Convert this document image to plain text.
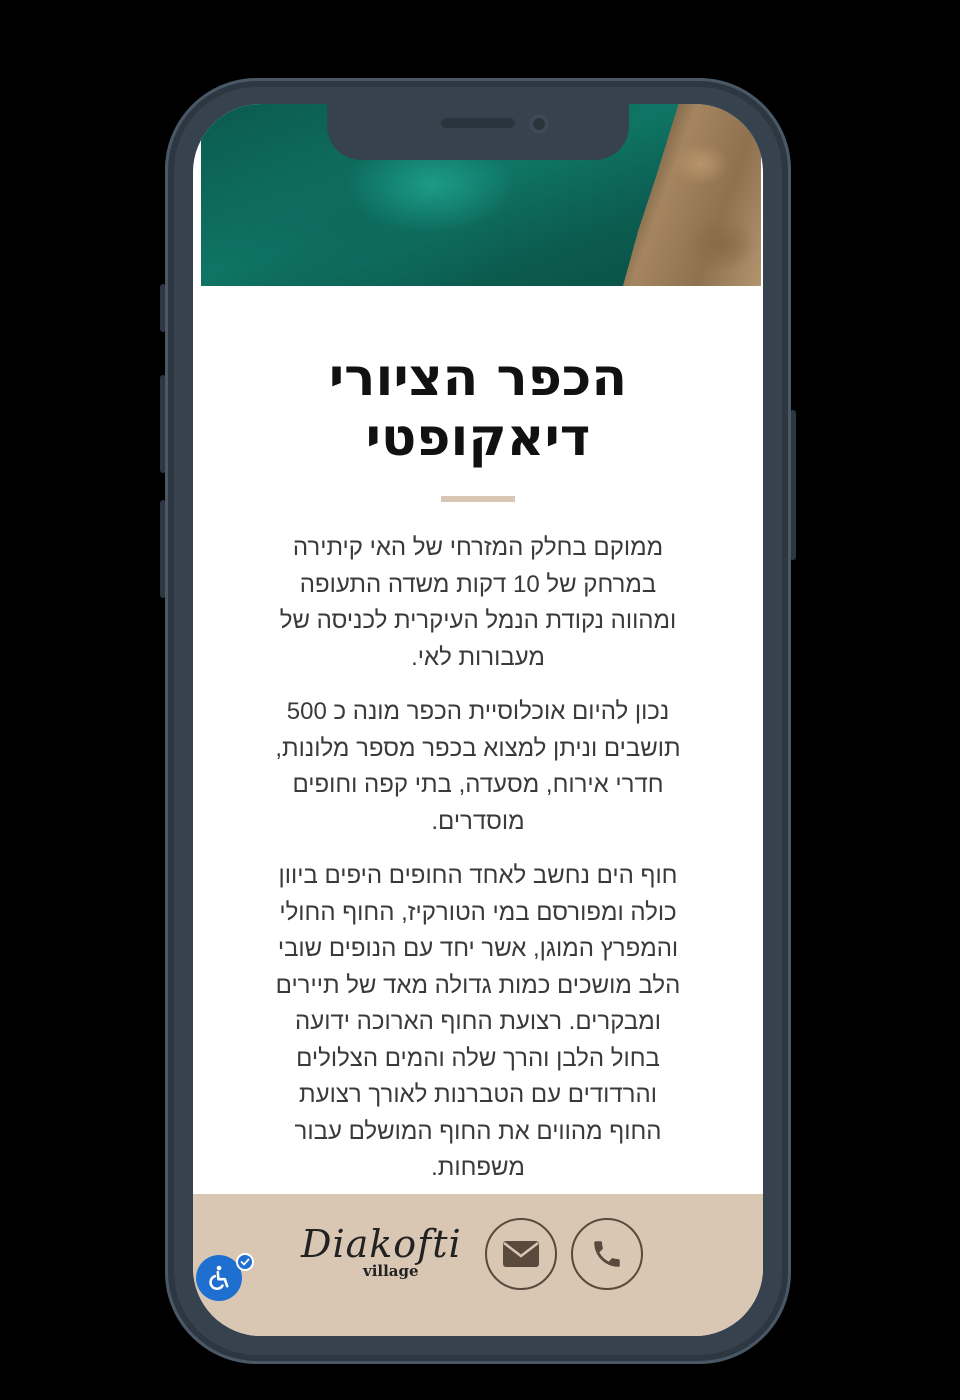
הכפר הציורי
דיאקופטי

ממוקם בחלק המזרחי של האי קיתירה במרחק של 10 דקות משדה התעופה ומהווה נקודת הנמל העיקרית לכניסה של מעבורות לאי.

נכון להיום אוכלוסיית הכפר מונה כ 500 תושבים וניתן למצוא בכפר מספר מלונות, חדרי אירוח, מסעדה, בתי קפה וחופים מוסדרים.

חוף הים נחשב לאחד החופים היפים ביוון כולה ומפורסם במי הטורקיז, החוף החולי והמפרץ המוגן, אשר יחד עם הנופים שובי הלב מושכים כמות גדולה מאד של תיירים ומבקרים. רצועת החוף הארוכה ידועה בחול הלבן והרך שלה והמים הצלולים והרדודים עם הטברנות לאורך רצועת החוף מהווים את החוף המושלם עבור משפחות.

Diakofti
village
